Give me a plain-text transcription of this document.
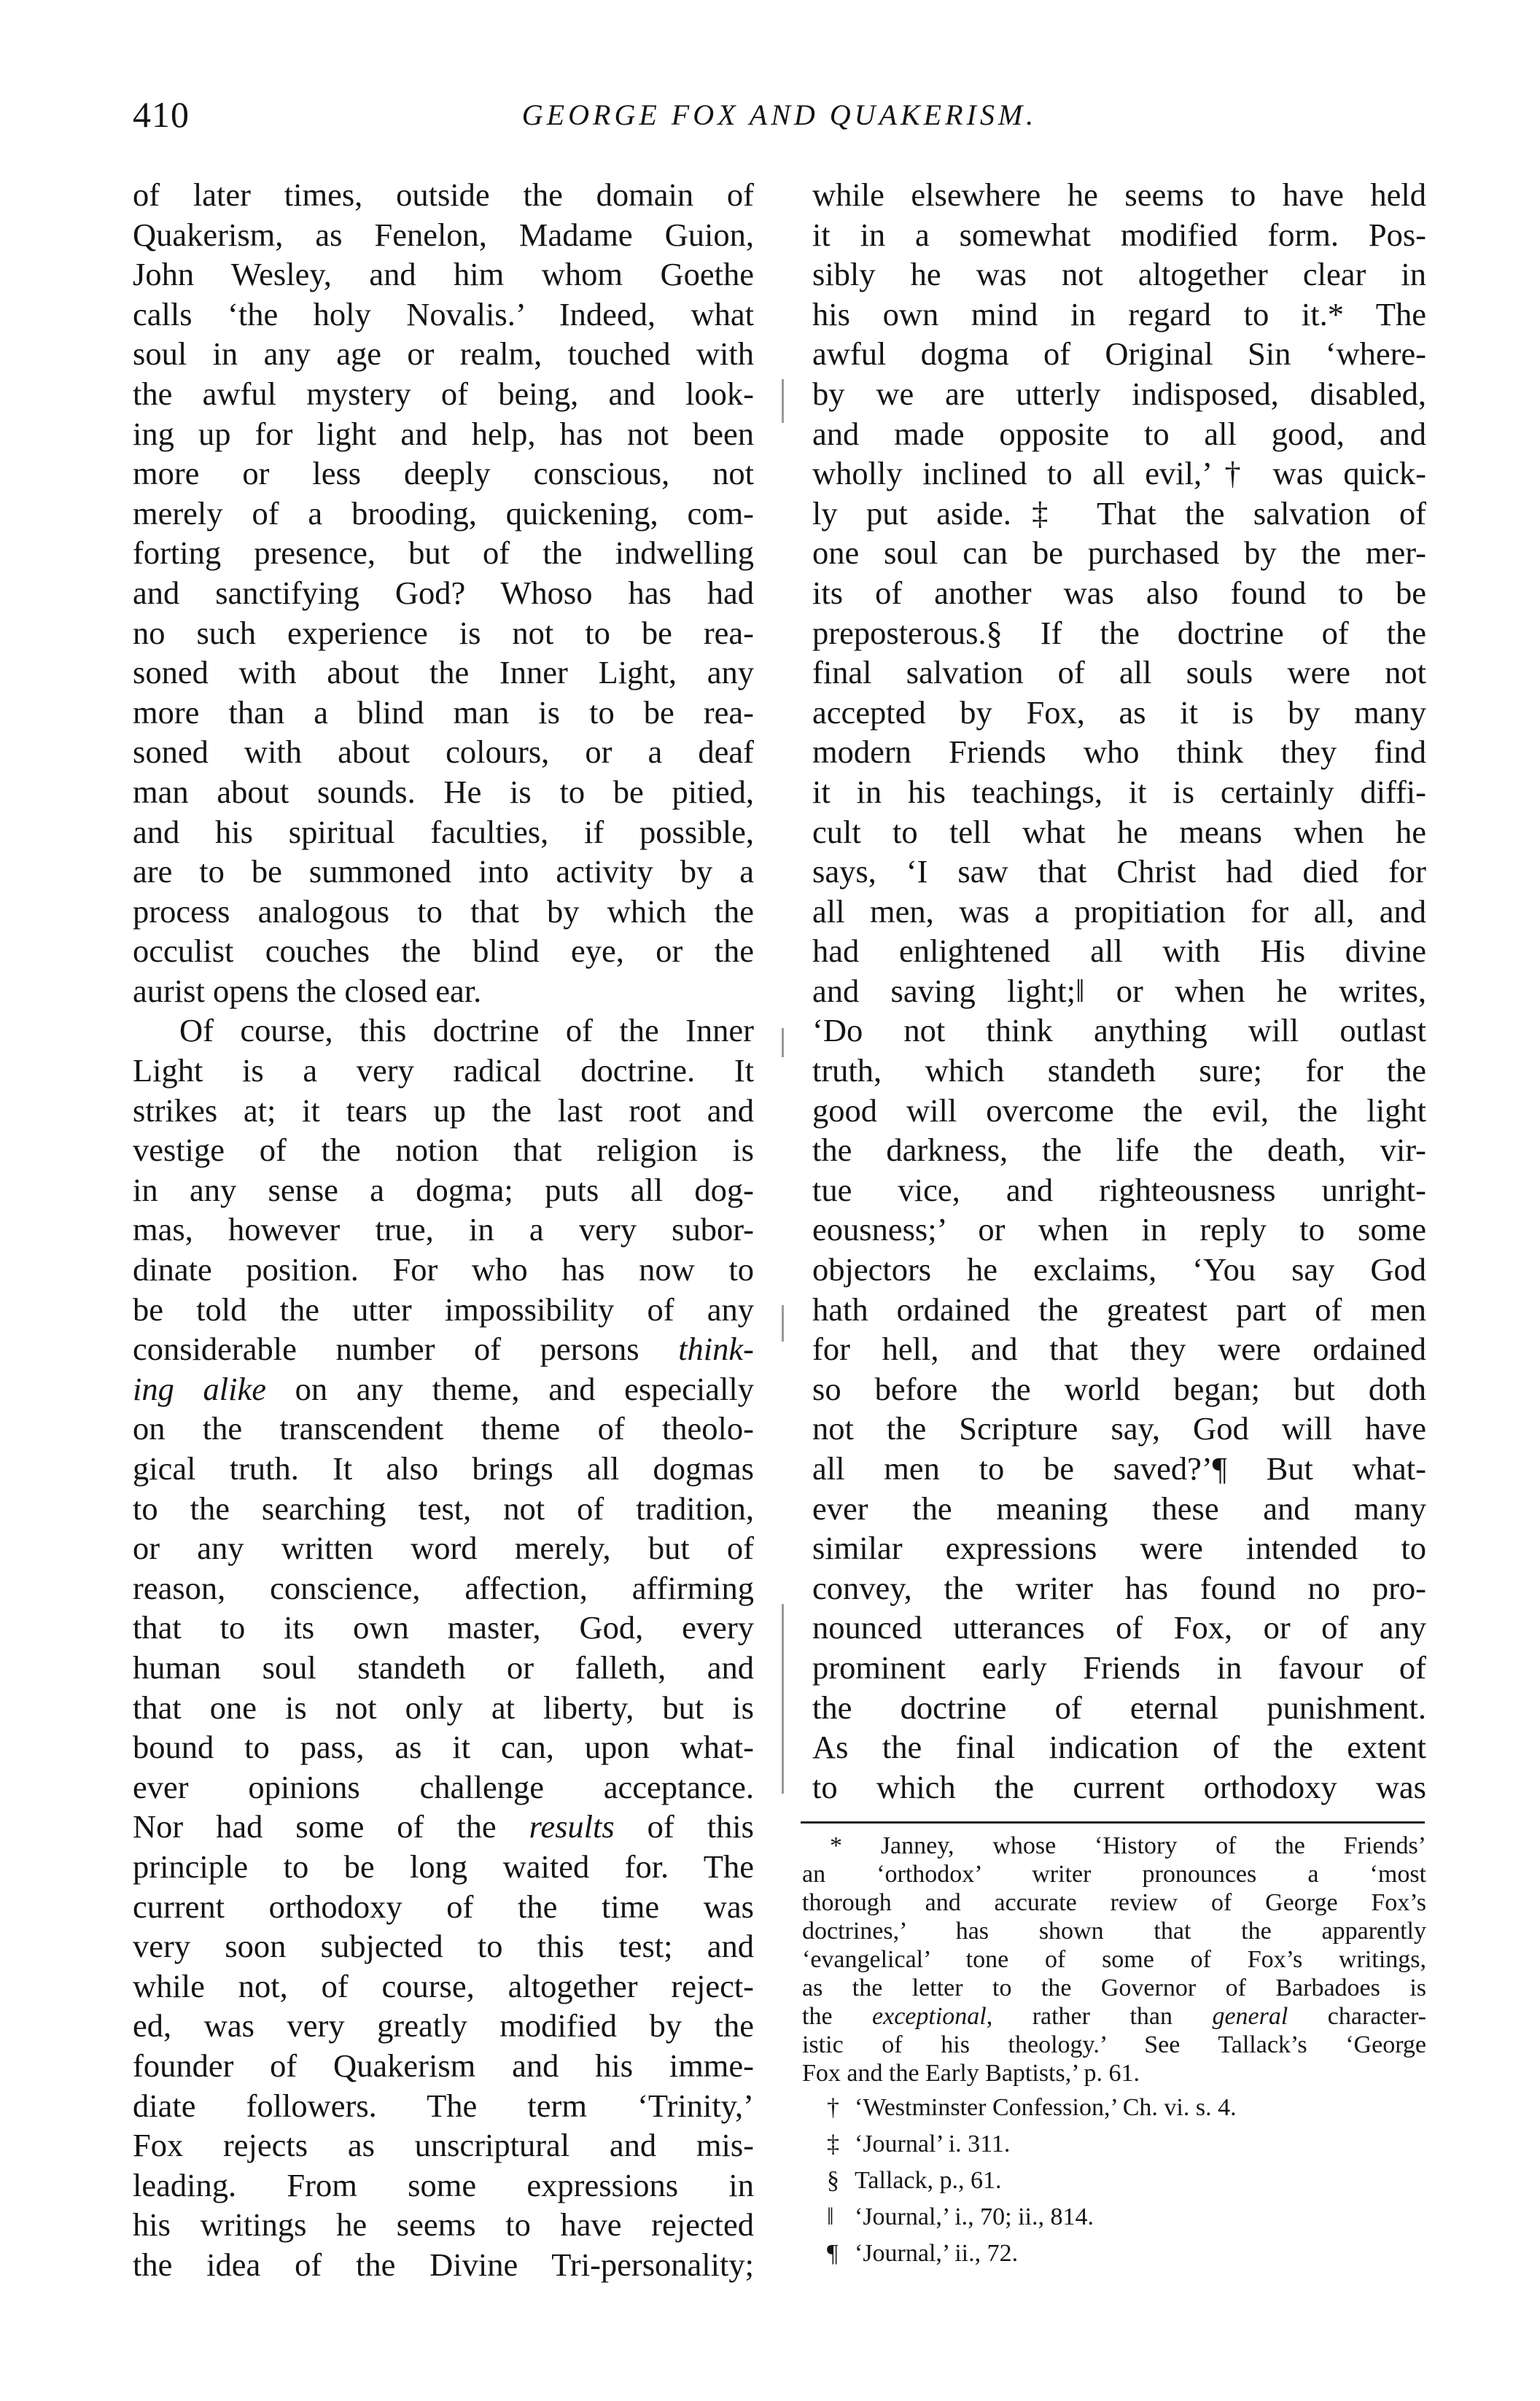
410	GEORGE FOX AND QUAKERISM.
of later times, outside the domain of
Quakerism, as Fenelon, Madame Guion,
John Wesley, and him whom Goethe
calls ‘the holy Novalis.’ Indeed, what
soul in any age or realm, touched with
the awful mystery of being, and look-
ing up for light and help, has not been
more or less deeply conscious, not
merely of a brooding, quickening, com-
forting presence, but of the indwelling
and sanctifying God? Whoso has had
no such experience is not to be rea-
soned with about the Inner Light, any
more than a blind man is to be rea-
soned with about colours, or a deaf
man about sounds. He is to be pitied,
and his spiritual faculties, if possible,
are to be summoned into activity by a
process analogous to that by which the
occulist couches the blind eye, or the
aurist opens the closed ear.
Of course, this doctrine of the Inner
Light is a very radical doctrine. It
strikes at; it tears up the last root and
vestige of the notion that religion is
in any sense a dogma; puts all dog-
mas, however true, in a very subor-
dinate position. For who has now to
be told the utter impossibility of any
considerable number of persons think-
ing alike on any theme, and especially
on the transcendent theme of theolo-
gical truth. It also brings all dogmas
to the searching test, not of tradition,
or any written word merely, but of
reason, conscience, affection, affirming
that to its own master, God, every
human soul standeth or falleth, and
that one is not only at liberty, but is
bound to pass, as it can, upon what-
ever opinions challenge acceptance.
Nor had some of the results of this
principle to be long waited for. The
current orthodoxy of the time was
very soon subjected to this test; and
while not, of course, altogether reject-
ed, was very greatly modified by the
founder of Quakerism and his imme-
diate followers. The term ‘Trinity,’
Fox rejects as unscriptural and mis-
leading. From some expressions in
his writings he seems to have rejected
the idea of the Divine Tri-personality;
while elsewhere he seems to have held
it in a somewhat modified form. Pos-
sibly he was not altogether clear in
his own mind in regard to it.* The
awful dogma of Original Sin ‘where-
by we are utterly indisposed, disabled,
and made opposite to all good, and
wholly inclined to all evil,’† was quick-
ly put aside.‡ That the salvation of
one soul can be purchased by the mer-
its of another was also found to be
preposterous.§ If the doctrine of the
final salvation of all souls were not
accepted by Fox, as it is by many
modern Friends who think they find
it in his teachings, it is certainly diffi-
cult to tell what he means when he
says, ‘I saw that Christ had died for
all men, was a propitiation for all, and
had enlightened all with His divine
and saving light;‖ or when he writes,
‘Do not think anything will outlast
truth, which standeth sure; for the
good will overcome the evil, the light
the darkness, the life the death, vir-
tue vice, and righteousness unright-
eousness;’ or when in reply to some
objectors he exclaims, ‘You say God
hath ordained the greatest part of men
for hell, and that they were ordained
so before the world began; but doth
not the Scripture say, God will have
all men to be saved?’¶ But what-
ever the meaning these and many
similar expressions were intended to
convey, the writer has found no pro-
nounced utterances of Fox, or of any
prominent early Friends in favour of
the doctrine of eternal punishment.
As the final indication of the extent
to which the current orthodoxy was
* Janney, whose ‘History of the Friends’
an ‘orthodox’ writer pronounces a ‘most
thorough and accurate review of George Fox’s
doctrines,’ has shown that the apparently
‘evangelical’ tone of some of Fox’s writings,
as the letter to the Governor of Barbadoes is
the exceptional, rather than general character-
istic of his theology.’ See Tallack’s ‘George
Fox and the Early Baptists,’ p. 61.
† ‘Westminster Confession,’ Ch. vi. s. 4.
‡ ‘Journal’ i. 311.
§ Tallack, p., 61.
‖ ‘Journal,’ i., 70; ii., 814.
¶ ‘Journal,’ ii., 72.
